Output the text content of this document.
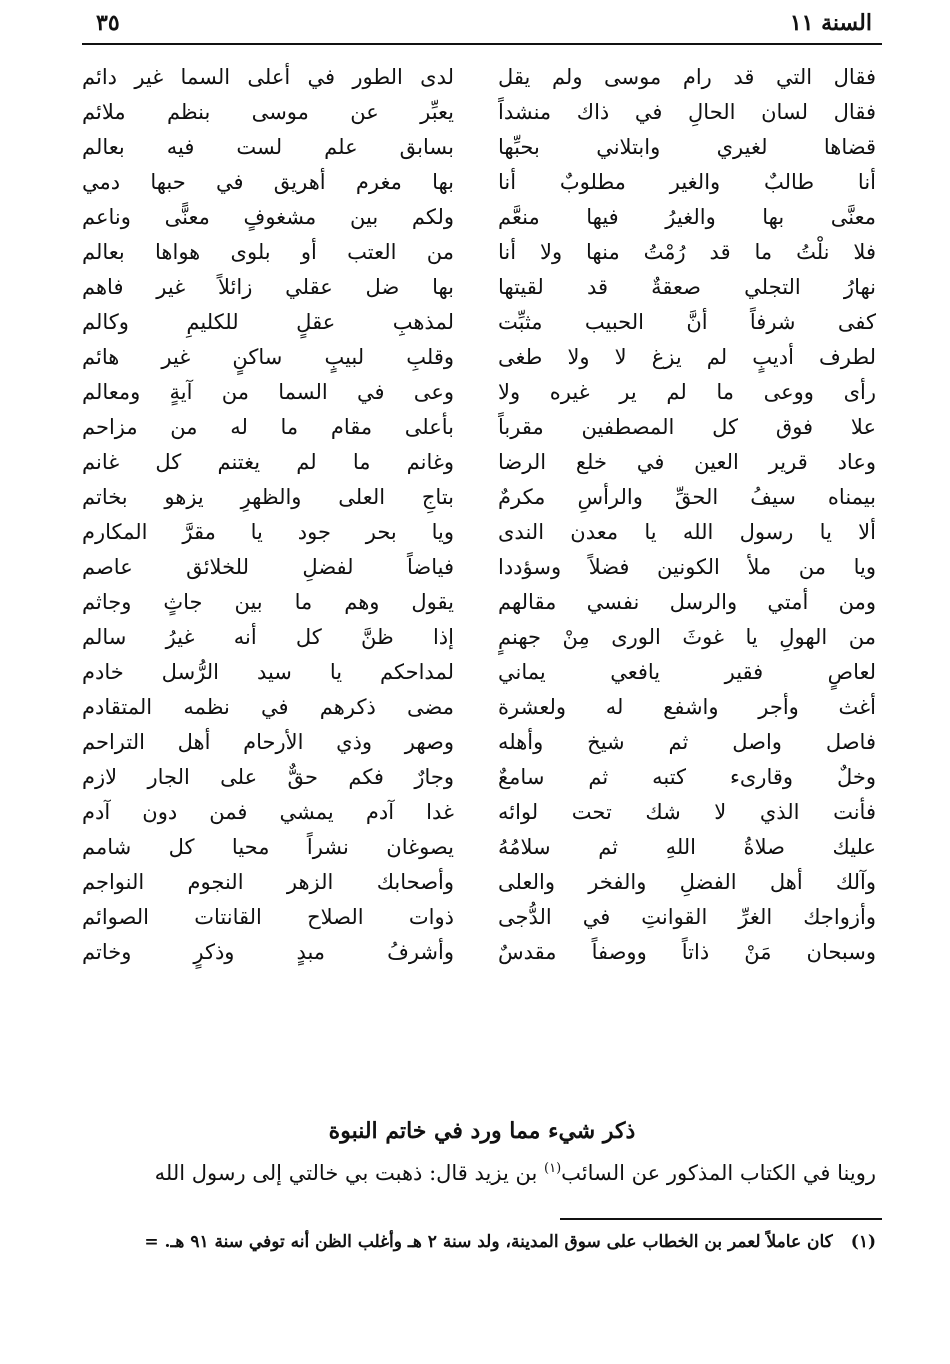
٣٥	السنة ١١
فقال التي قد رام موسى ولم يقل
فقال لسان الحالِ في ذاك منشداً
قضاها لغيري وابتلاني بحبِّها
أنا طالبٌ والغير مطلوبٌ أنا
معنَّى بها والغيرُ فيها منعَّم
فلا نلْتُ ما قد رُمْتُ منها ولا أنا
نهارُ التجلي صعقةٌ قد لقيتها
كفى شرفاً أنَّ الحبيب مثبِّت
لطرف أديبٍ لم يزغ لا ولا طغى
رأى ووعى ما لم ير غيره ولا
علا فوق كل المصطفين مقرباً
وعاد قرير العين في خلع الرضا
بيمناه سيفُ الحقِّ والرأسِ مكرمٌ
ألا يا رسول الله يا معدن الندى
ويا من ملأ الكونين فضلاً وسؤددا
ومن أمتي والرسل نفسي مقالهم
من الهولِ يا غوثَ الورى مِنْ جهنمٍ
لعاصٍ فقير يافعي يماني
أغث وأجر واشفع له ولعشرة
فاصل واصل ثم شيخ وأهله
وخلٌ وقارىء كتبه ثم سامعٌ
فأنت الذي لا شك تحت لوائه
عليك صلاةُ اللهِ ثم سلامُهُ
وآلك أهل الفضلِ والفخر والعلى
وأزواجك الغرِّ القوانتِ في الدُّجى
وسبحان مَنْ ذاتاً ووصفاً مقدسٌ
لدى الطور في أعلى السما غير دائم
يعبِّر عن موسى بنظم ملائم
بسابق علم لست فيه بعالم
بها مغرم أهريق في حبها دمي
ولكم بين مشغوفٍ معنًّى وناعم
من العتب أو بلوى هواها بعالم
بها ضل عقلي زائلاً غير فاهم
لمذهبِ عقلٍ للكليمِ وكالم
وقلبِ لبيبٍ ساكنٍ غير هائم
وعى في السما من آيةٍ ومعالم
بأعلى مقام ما له من مزاحم
وغانم ما لم يغتنم كل غانم
بتاجِ العلى والظهرِ يزهو بخاتم
ويا بحر جود يا مقرَّ المكارم
فياضاً لفضلِ للخلائق عاصم
يقول وهم ما بين جاثٍ وجاثم
إذا ظنَّ كل أنه غيرُ سالم
لمداحكم يا سيد الرُّسل خادم
مضى ذكرهم في نظمه المتقادم
وصهر وذي الأرحام أهل التراحم
وجارٌ فكم حقٌّ على الجار لازم
غدا آدم يمشي فمن دون آدم
يصوغان نشراً محيا كل شامم
وأصحابك الزهر النجوم النواجم
ذوات الصلاح القانتات الصوائم
وأشرفُ مبدٍ وذكرٍ وخاتم
ذكر شيء مما ورد في خاتم النبوة
روينا في الكتاب المذكور عن السائب$^{(١)}$ بن يزيد قال: ذهبت بي خالتي إلى رسول الله
(١)كان عاملاً لعمر بن الخطاب على سوق المدينة، ولد سنة ٢ هـ وأغلب الظن أنه توفي سنة ٩١ هـ. =
